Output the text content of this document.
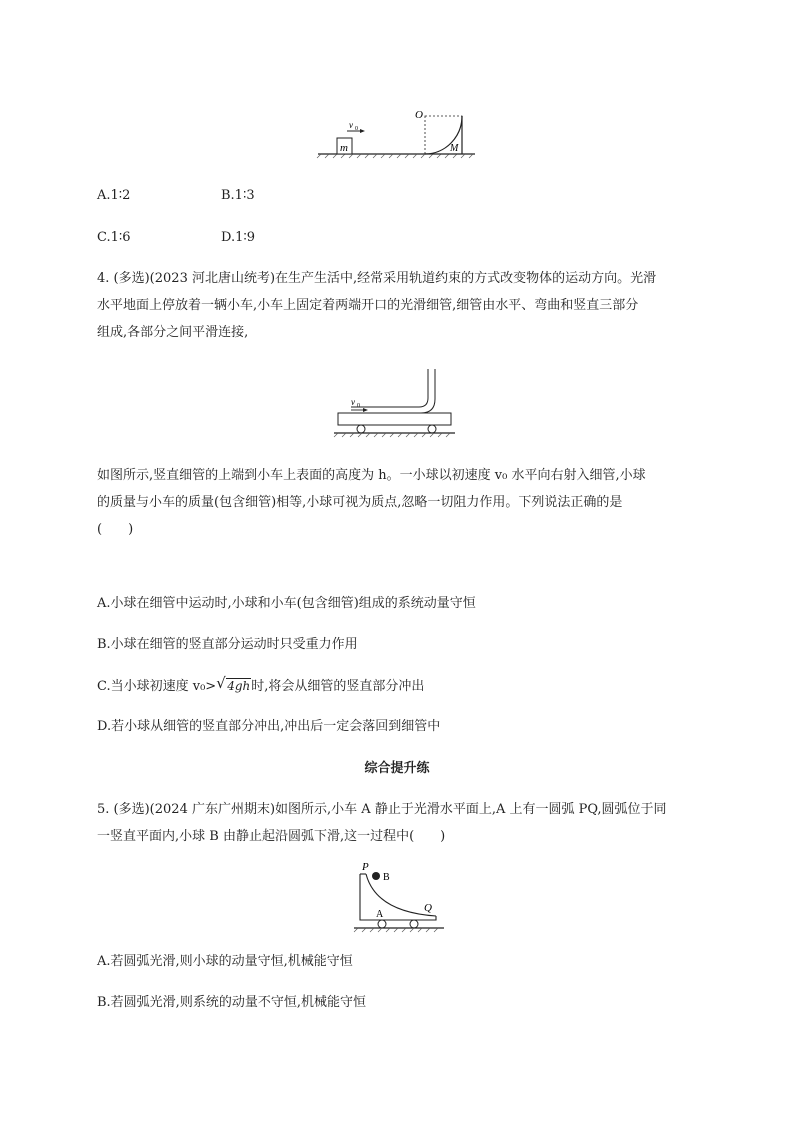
m
v 0
O
M
A.1∶2	B.1∶3
C.1∶6	D.1∶9
4. (多选)(2023 河北唐山统考)在生产生活中,经常采用轨道约束的方式改变物体的运动方向。光滑
水平地面上停放着一辆小车,小车上固定着两端开口的光滑细管,细管由水平、弯曲和竖直三部分
组成,各部分之间平滑连接,
v 0
如图所示,竖直细管的上端到小车上表面的高度为 h。一小球以初速度 v₀ 水平向右射入细管,小球
的质量与小车的质量(包含细管)相等,小球可视为质点,忽略一切阻力作用。下列说法正确的是
(　　)
A.小球在细管中运动时,小球和小车(包含细管)组成的系统动量守恒
B.小球在细管的竖直部分运动时只受重力作用
C.当小球初速度 v₀> √ 4gh时,将会从细管的竖直部分冲出
D.若小球从细管的竖直部分冲出,冲出后一定会落回到细管中
综合提升练
5. (多选)(2024 广东广州期末)如图所示,小车 A 静止于光滑水平面上,A 上有一圆弧 PQ,圆弧位于同
一竖直平面内,小球 B 由静止起沿圆弧下滑,这一过程中(　　)
P
B
A
Q
A.若圆弧光滑,则小球的动量守恒,机械能守恒
B.若圆弧光滑,则系统的动量不守恒,机械能守恒
